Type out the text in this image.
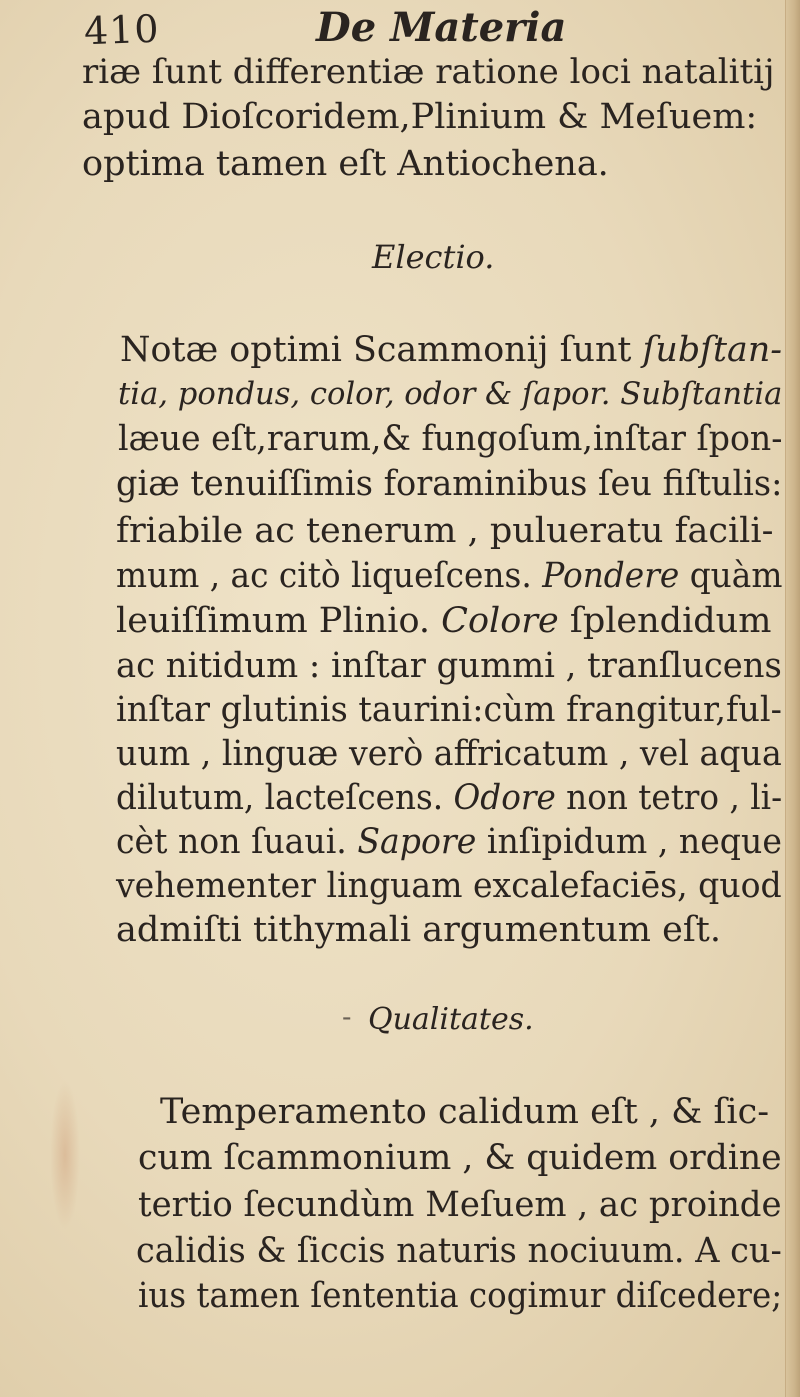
410	De Materia
riæ ſunt differentiæ ratione loci natalitij
apud Dioſcoridem,Plinium & Meſuem:
optima tamen eſt Antiochena.
Electio.
Notæ optimi Scammonij ſunt ſubſtan-
tia, pondus, color, odor & ſapor. Subſtantia
læue eſt,rarum,& fungoſum,inſtar ſpon-
giæ tenuiſſimis foraminibus ſeu fiſtulis:
friabile ac tenerum , pulueratu facili-
mum , ac citò liqueſcens. Pondere quàm
leuiſſimum Plinio. Colore ſplendidum
ac nitidum : inſtar gummi , tranſlucens
inſtar glutinis taurini:cùm frangitur,ful-
uum , linguæ verò affricatum , vel aqua
dilutum, lacteſcens. Odore non tetro , li-
cèt non ſuaui. Sapore inſipidum , neque
vehementer linguam excalefaciēs, quod
admiſti tithymali argumentum eſt.
- Qualitates.
Temperamento calidum eſt , & ſic-
cum ſcammonium , & quidem ordine
tertio ſecundùm Meſuem , ac proinde
calidis & ſiccis naturis nociuum. A cu-
ius tamen ſententia cogimur diſcedere;
